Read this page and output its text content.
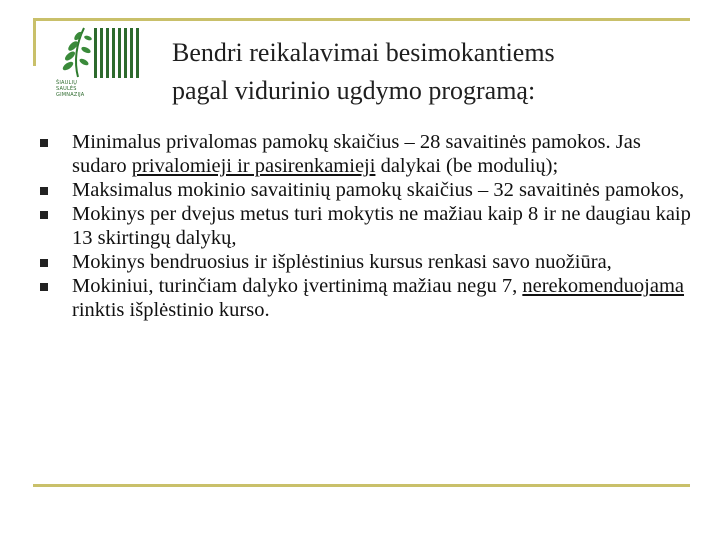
ŠIAULIŲ
SAULĖS
GIMNAZIJA
Bendri reikalavimai besimokantiems
pagal vidurinio ugdymo programą:
Minimalus privalomas pamokų skaičius – 28 savaitinės pamokos. Jas sudaro privalomieji ir pasirenkamieji dalykai (be modulių);
Maksimalus mokinio savaitinių pamokų skaičius – 32 savaitinės pamokos,
Mokinys per dvejus metus turi mokytis ne mažiau kaip 8 ir ne daugiau kaip 13 skirtingų dalykų,
Mokinys bendruosius ir išplėstinius kursus renkasi savo nuožiūra,
Mokiniui, turinčiam dalyko įvertinimą mažiau negu 7, nerekomenduojama rinktis išplėstinio kurso.
